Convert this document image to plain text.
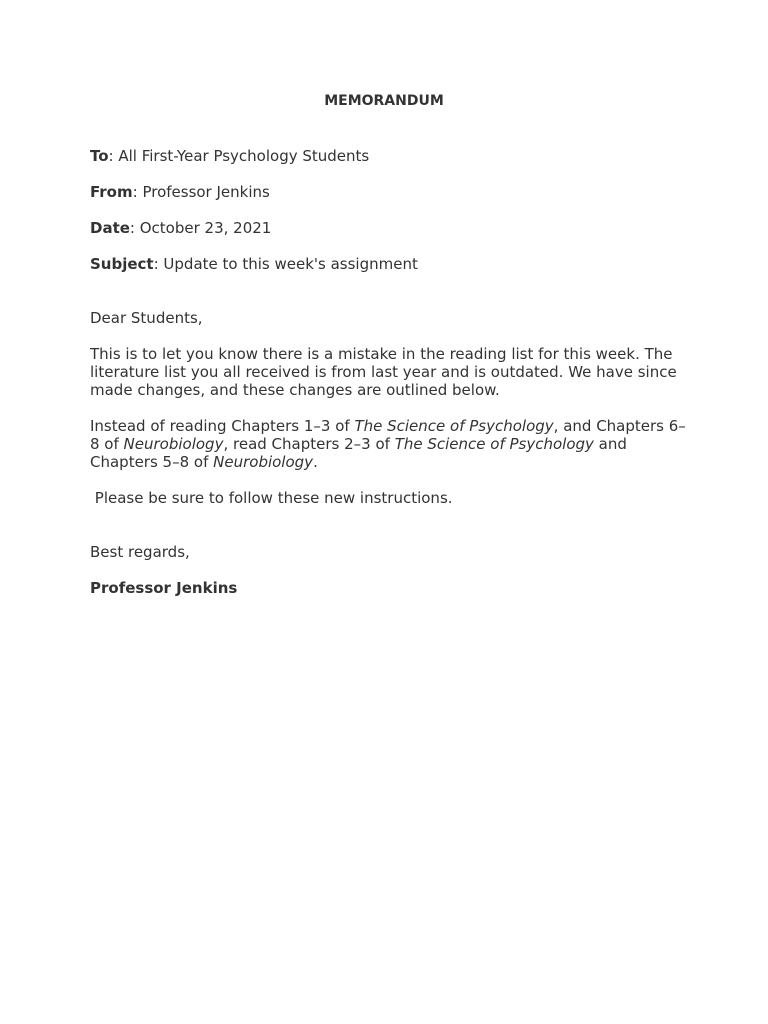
MEMORANDUM

To: All First-Year Psychology Students

From: Professor Jenkins

Date: October 23, 2021

Subject: Update to this week's assignment

Dear Students,

This is to let you know there is a mistake in the reading list for this week. The literature list you all received is from last year and is outdated. We have since made changes, and these changes are outlined below.

Instead of reading Chapters 1–3 of The Science of Psychology, and Chapters 6–8 of Neurobiology, read Chapters 2–3 of The Science of Psychology and Chapters 5–8 of Neurobiology.

Please be sure to follow these new instructions.

Best regards,

Professor Jenkins
